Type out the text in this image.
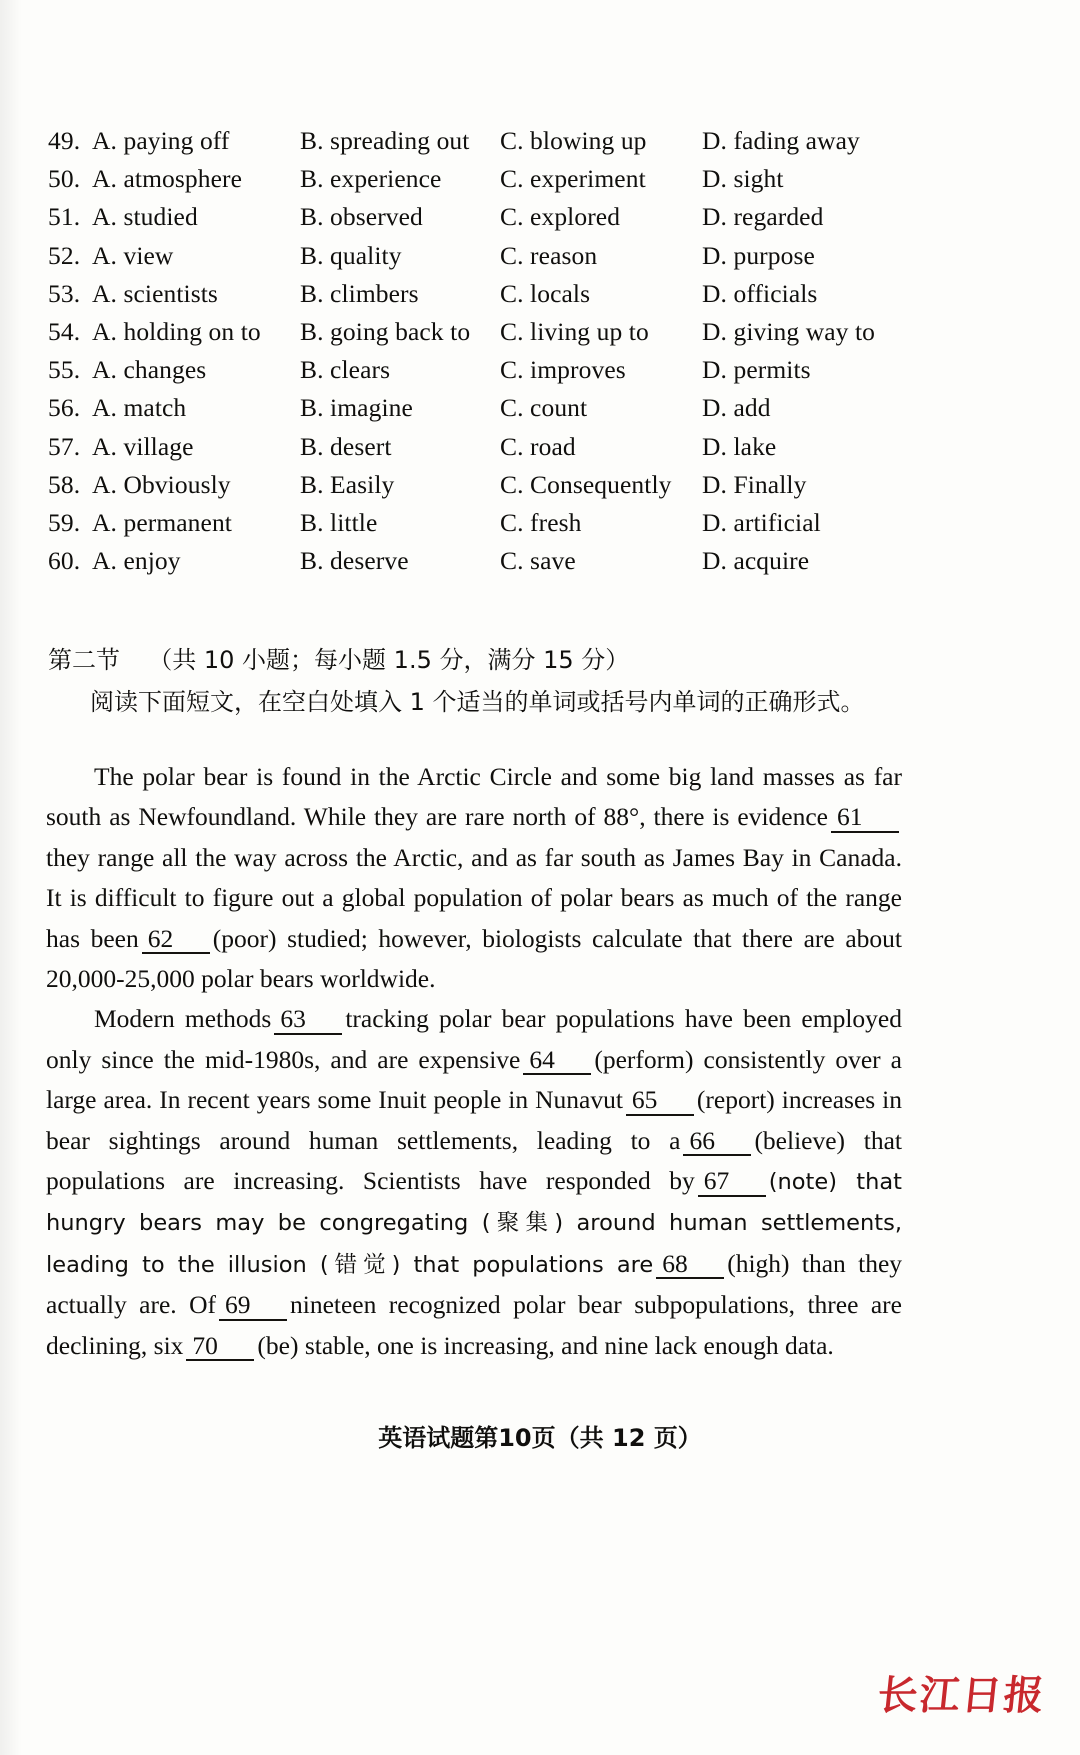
49. A. paying off	B. spreading out	C. blowing up	D. fading away
50. A. atmosphere	B. experience	C. experiment	D. sight
51. A. studied	B. observed	C. explored	D. regarded
52. A. view	B. quality	C. reason	D. purpose
53. A. scientists	B. climbers	C. locals	D. officials
54. A. holding on to	B. going back to	C. living up to	D. giving way to
55. A. changes	B. clears	C. improves	D. permits
56. A. match	B. imagine	C. count	D. add
57. A. village	B. desert	C. road	D. lake
58. A. Obviously	B. Easily	C. Consequently	D. Finally
59. A. permanent	B. little	C. fresh	D. artificial
60. A. enjoy	B. deserve	C. save	D. acquire
第二节 （共 10 小题；每小题 1.5 分，满分 15 分）
阅读下面短文，在空白处填入 1 个适当的单词或括号内单词的正确形式。

The polar bear is found in the Arctic Circle and some big land masses as far south as Newfoundland. While they are rare north of 88°, there is evidence 61they range all the way across the Arctic, and as far south as James Bay in Canada. It is difficult to figure out a global population of polar bears as much of the range has been 62 (poor) studied; however, biologists calculate that there are about 20,000-25,000 polar bears worldwide.

Modern methods 63 tracking polar bear populations have been employed only since the mid-1980s, and are expensive 64 (perform) consistently over a large area. In recent years some Inuit people in Nunavut 65 (report) increases in bear sightings around human settlements, leading to a 66 (believe) that populations are increasing. Scientists have responded by 67 (note) that hungry bears may be congregating (聚集) around human settlements, leading to the illusion (错觉) that populations are 68 (high) than they actually are. Of 69 nineteen recognized polar bear subpopulations, three are declining, six 70 (be) stable, one is increasing, and nine lack enough data.

英语试题第10页（共 12 页）
长江日报
